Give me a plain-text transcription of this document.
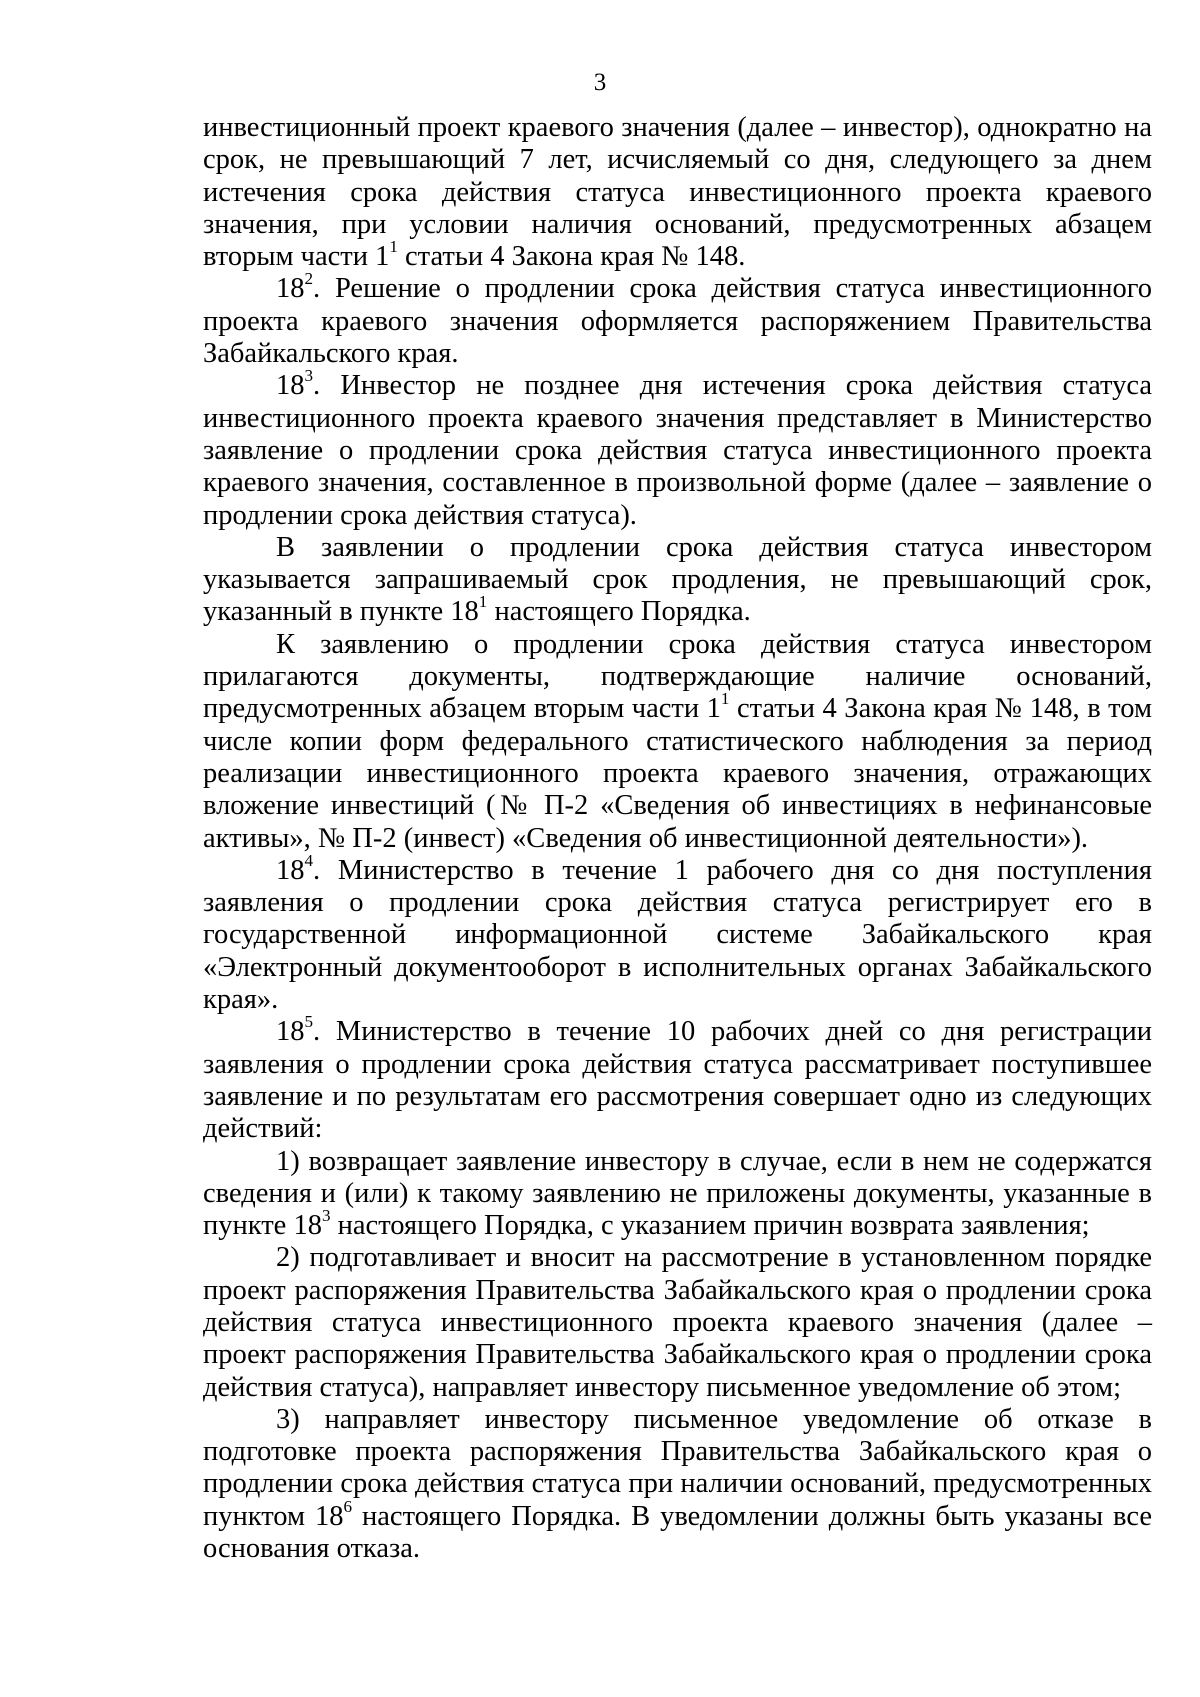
3

инвестиционный проект краевого значения (далее – инвестор), однократно на срок, не превышающий 7 лет, исчисляемый со дня, следующего за днем истечения срока действия статуса инвестиционного проекта краевого значения, при условии наличия оснований, предусмотренных абзацем вторым части $1^1$ статьи 4 Закона края № 148.

$18^2$. Решение о продлении срока действия статуса инвестиционного проекта краевого значения оформляется распоряжением Правительства Забайкальского края.

$18^3$. Инвестор не позднее дня истечения срока действия статуса инвестиционного проекта краевого значения представляет в Министерство заявление о продлении срока действия статуса инвестиционного проекта краевого значения, составленное в произвольной форме (далее – заявление о продлении срока действия статуса).

В заявлении о продлении срока действия статуса инвестором указывается запрашиваемый срок продления, не превышающий срок, указанный в пункте $18^1$ настоящего Порядка.

К заявлению о продлении срока действия статуса инвестором прилагаются документы, подтверждающие наличие оснований, предусмотренных абзацем вторым части $1^1$ статьи 4 Закона края № 148, в том числе копии форм федерального статистического наблюдения за период реализации инвестиционного проекта краевого значения, отражающих вложение инвестиций (№ П-2 «Сведения об инвестициях в нефинансовые активы», № П-2 (инвест) «Сведения об инвестиционной деятельности»).

$18^4$. Министерство в течение 1 рабочего дня со дня поступления заявления о продлении срока действия статуса регистрирует его в государственной информационной системе Забайкальского края «Электронный документооборот в исполнительных органах Забайкальского края».

$18^5$. Министерство в течение 10 рабочих дней со дня регистрации заявления о продлении срока действия статуса рассматривает поступившее заявление и по результатам его рассмотрения совершает одно из следующих действий:

1) возвращает заявление инвестору в случае, если в нем не содержатся сведения и (или) к такому заявлению не приложены документы, указанные в пункте $18^3$ настоящего Порядка, с указанием причин возврата заявления;

2) подготавливает и вносит на рассмотрение в установленном порядке проект распоряжения Правительства Забайкальского края о продлении срока действия статуса инвестиционного проекта краевого значения (далее – проект распоряжения Правительства Забайкальского края о продлении срока действия статуса), направляет инвестору письменное уведомление об этом;

3) направляет инвестору письменное уведомление об отказе в подготовке проекта распоряжения Правительства Забайкальского края о продлении срока действия статуса при наличии оснований, предусмотренных пунктом $18^6$ настоящего Порядка. В уведомлении должны быть указаны все основания отказа.
